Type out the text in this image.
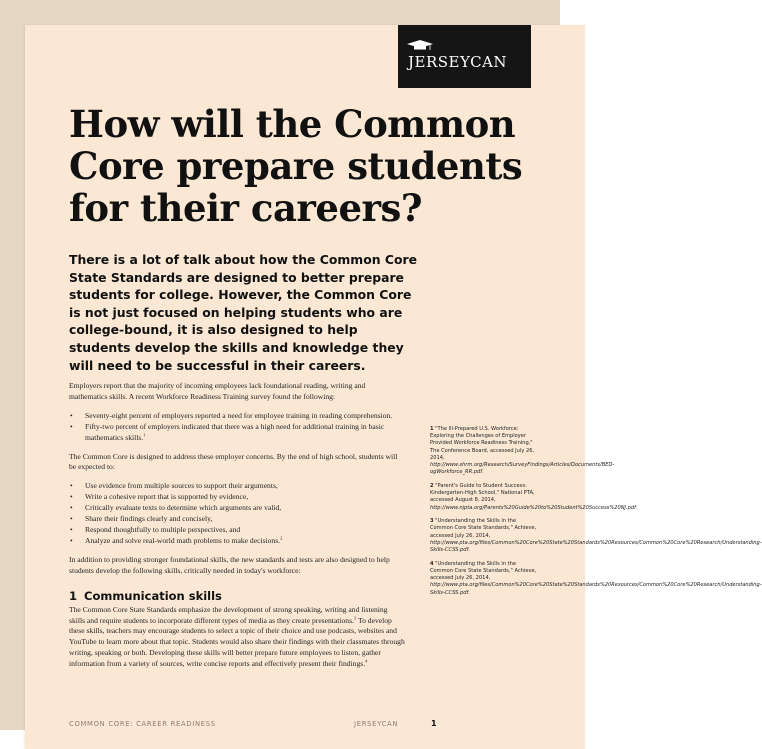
JERSEYCAN
How will the Common Core prepare students for their careers?

There is a lot of talk about how the Common Core State Standards are designed to better prepare students for college. However, the Common Core is not just focused on helping students who are college-bound, it is also designed to help students develop the skills and knowledge they will need to be successful in their careers.

Employers report that the majority of incoming employees lack foundational reading, writing and mathematics skills. A recent Workforce Readiness Training survey found the following:

• Seventy-eight percent of employers reported a need for employee training in reading comprehension.
• Fifty-two percent of employers indicated that there was a high need for additional training in basic mathematics skills.$^1$

The Common Core is designed to address these employer concerns. By the end of high school, students will be expected to:

• Use evidence from multiple sources to support their arguments,
• Write a cohesive report that is supported by evidence,
• Critically evaluate texts to determine which arguments are valid,
• Share their findings clearly and concisely,
• Respond thoughtfully to multiple perspectives, and
• Analyze and solve real-world math problems to make decisions.$^2$

In addition to providing stronger foundational skills, the new standards and tests are also designed to help students develop the following skills, critically needed in today's workforce:

1 Communication skills

The Common Core State Standards emphasize the development of strong speaking, writing and listening skills and require students to incorporate different types of media as they create presentations.$^3$ To develop these skills, teachers may encourage students to select a topic of their choice and use podcasts, websites and YouTube to learn more about that topic. Students would also share their findings with their classmates through writing, speaking or both. Developing these skills will better prepare future employees to listen, gather information from a variety of sources, write concise reports and effectively present their findings.$^4$

1 "The Ill-Prepared U.S. Workforce: Exploring the Challenges of Employer Provided Workforce Readiness Training," The Conference Board, accessed July 26, 2014, http://www.shrm.org/Research/SurveyFindings/Articles/Documents/BED-ogWorkforce_RR.pdf.
2 "Parent's Guide to Student Success: Kindergarten-High School," National PTA, accessed August 8, 2014, http://www.njpta.org/Parents%20Guide%20to%20Student%20Success%20NJ.pdf.
3 "Understanding the Skills in the Common Core State Standards," Achieve, accessed July 26, 2014, http://www.pta.org/files/Common%20Core%20State%20Standards%20Resources/Common%20Core%20Research/Understanding-Skills-CCSS.pdf.
4 "Understanding the Skills in the Common Core State Standards," Achieve, accessed July 26, 2014, http://www.pta.org/files/Common%20Core%20State%20Standards%20Resources/Common%20Core%20Research/Understanding-Skills-CCSS.pdf.
COMMON CORE: CAREER READINESS	JERSEYCAN	1
